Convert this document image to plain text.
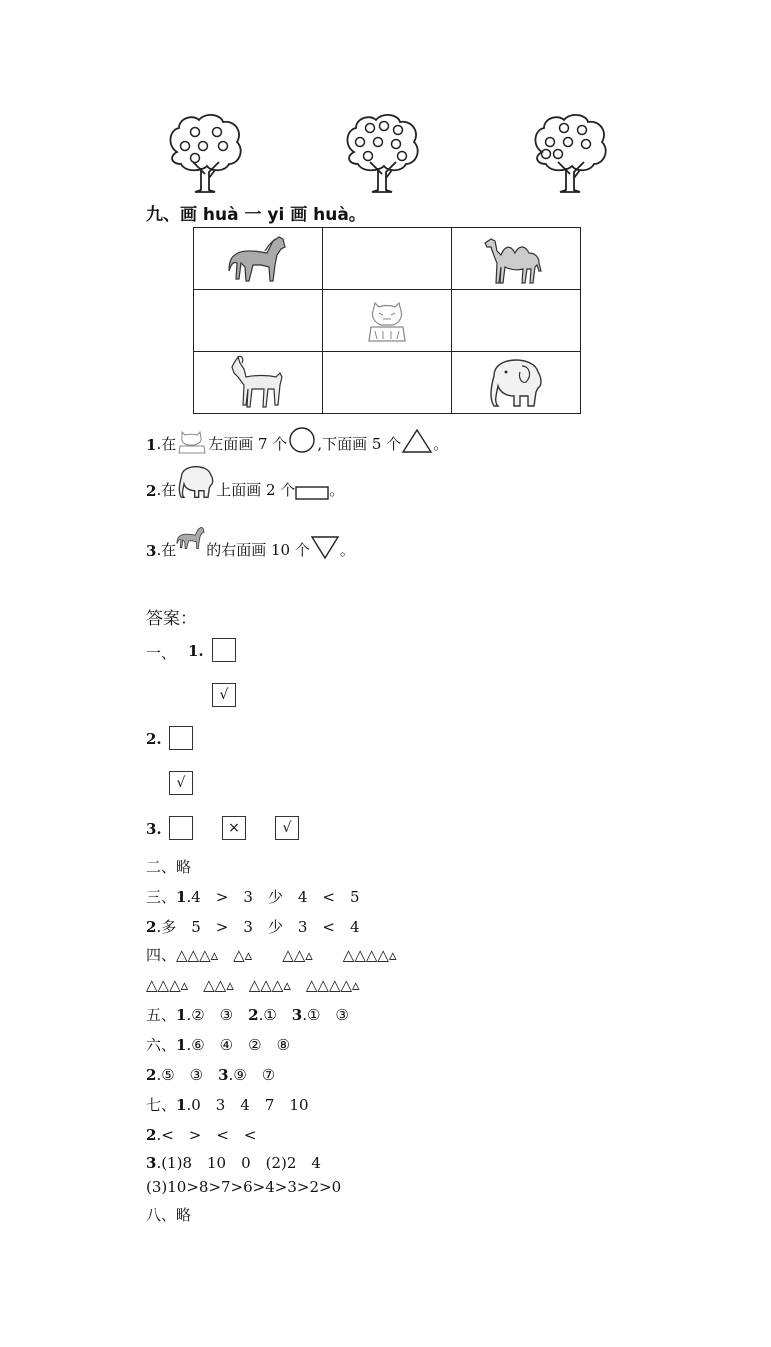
九、画 huà 一 yi 画 huà。

1 .在 左面画 7 个 ,下面画 5 个 。
2 .在	上面画 2 个 。
3 .在 的右面画 10 个 。
答案：
一、 1.
√
2.
√
3.	×	√
二、略
三、1.4　>　3　少　4　<　5
2.多　5　>　3　少　3　<　4
四、△△△▵　△▵　　△△▵　　△△△△▵
△△△▵　△△▵　△△△▵　△△△△▵
五、1.②　③　2.①　3.①　③
六、1.⑥　④　②　⑧
2.⑤　③　3.⑨　⑦
七、1.0　3　4　7　10
2.<　>　<　<
3.(1)8　10　0　(2)2　4
(3)10>8>7>6>4>3>2>0
八、略
